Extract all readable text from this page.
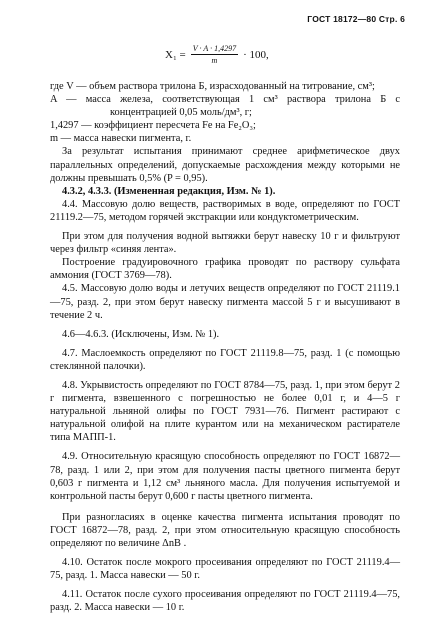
ГОСТ 18172—80 Стр. 6
$X_1 = \frac{V \cdot A \cdot 1,4297}{m} \cdot 100$,

где V — объем раствора трилона Б, израсходованный на титрование, см³;

A — масса железа, соответствующая 1 см³ раствора трилона Б с концентрацией 0,05 моль/дм³, г;

1,4297 — коэффициент пересчета Fe на Fe₂O₃;

m — масса навески пигмента, г.

За результат испытания принимают среднее арифметическое двух параллельных определений, допускаемые расхождения между которыми не должны превышать 0,5% (P = 0,95).

4.3.2, 4.3.3. (Измененная редакция, Изм. № 1).

4.4. Массовую долю веществ, растворимых в воде, определяют по ГОСТ 21119.2—75, методом горячей экстракции или кондуктометрическим.

При этом для получения водной вытяжки берут навеску 10 г и фильтруют через фильтр «синяя лента».

Построение градуировочного графика проводят по раствору сульфата аммония (ГОСТ 3769—78).

4.5. Массовую долю воды и летучих веществ определяют по ГОСТ 21119.1—75, разд. 2, при этом берут навеску пигмента массой 5 г и высушивают в течение 2 ч.

4.6—4.6.3. (Исключены, Изм. № 1).

4.7. Маслоемкость определяют по ГОСТ 21119.8—75, разд. 1 (с помощью стеклянной палочки).

4.8. Укрывистость определяют по ГОСТ 8784—75, разд. 1, при этом берут 2 г пигмента, взвешенного с погрешностью не более 0,01 г, и 4—5 г натуральной льняной олифы по ГОСТ 7931—76. Пигмент растирают с натуральной олифой на плите курантом или на механическом растирателе типа МАПП-1.

4.9. Относительную красящую способность определяют по ГОСТ 16872—78, разд. 1 или 2, при этом для получения пасты цветного пигмента берут 0,603 г пигмента и 1,12 см³ льняного масла. Для получения испытуемой и контрольной пасты берут 0,600 г пасты цветного пигмента.

При разногласиях в оценке качества пигмента испытания проводят по ГОСТ 16872—78, разд. 2, при этом относительную красящую способность определяют по величине ΔnB .

4.10. Остаток после мокрого просеивания определяют по ГОСТ 21119.4—75, разд. 1. Масса навески — 50 г.

4.11. Остаток после сухого просеивания определяют по ГОСТ 21119.4—75, разд. 2. Масса навески — 10 г.
